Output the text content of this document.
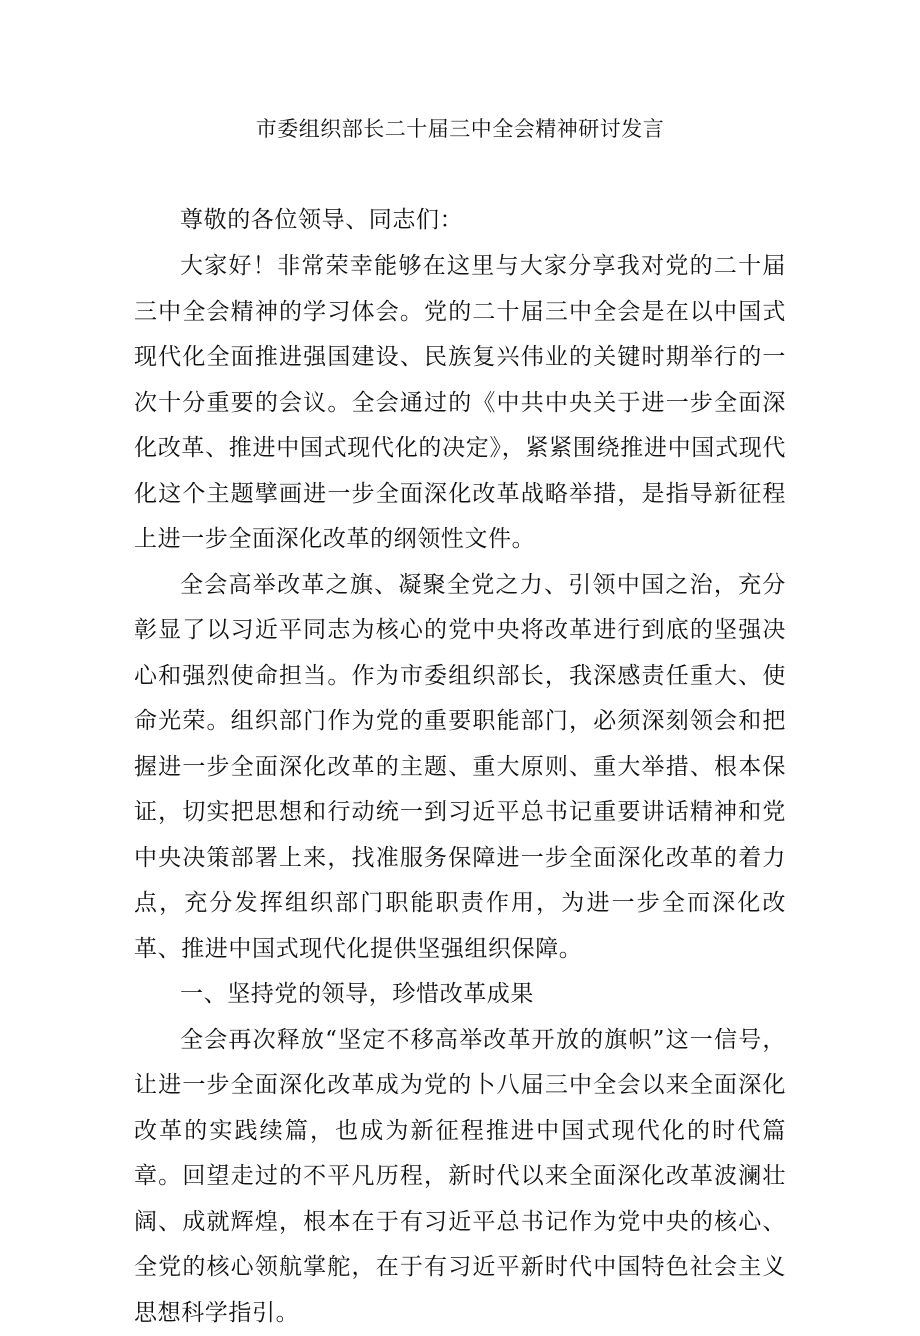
市委组织部长二十届三中全会精神研讨发言

尊敬的各位领导、同志们：

大家好！非常荣幸能够在这里与大家分享我对党的二十届三中全会精神的学习体会。党的二十届三中全会是在以中国式现代化全面推进强国建设、民族复兴伟业的关键时期举行的一次十分重要的会议。全会通过的《中共中央关于进一步全面深化改革、推进中国式现代化的决定》，紧紧围绕推进中国式现代化这个主题擘画进一步全面深化改革战略举措，是指导新征程上进一步全面深化改革的纲领性文件。

全会高举改革之旗、凝聚全党之力、引领中国之治，充分彰显了以习近平同志为核心的党中央将改革进行到底的坚强决心和强烈使命担当。作为市委组织部长，我深感责任重大、使命光荣。组织部门作为党的重要职能部门，必须深刻领会和把握进一步全面深化改革的主题、重大原则、重大举措、根本保证，切实把思想和行动统一到习近平总书记重要讲话精神和党中央决策部署上来，找准服务保障进一步全面深化改革的着力点，充分发挥组织部门职能职责作用，为进一步全而深化改革、推进中国式现代化提供坚强组织保障。

一、坚持党的领导，珍惜改革成果

全会再次释放“坚定不移高举改革开放的旗帜”这一信号，让进一步全面深化改革成为党的卜八届三中全会以来全面深化改革的实践续篇，也成为新征程推进中国式现代化的时代篇章。回望走过的不平凡历程，新时代以来全面深化改革波澜壮阔、成就辉煌，根本在于有习近平总书记作为党中央的核心、全党的核心领航掌舵，在于有习近平新时代中国特色社会主义思想科学指引。
